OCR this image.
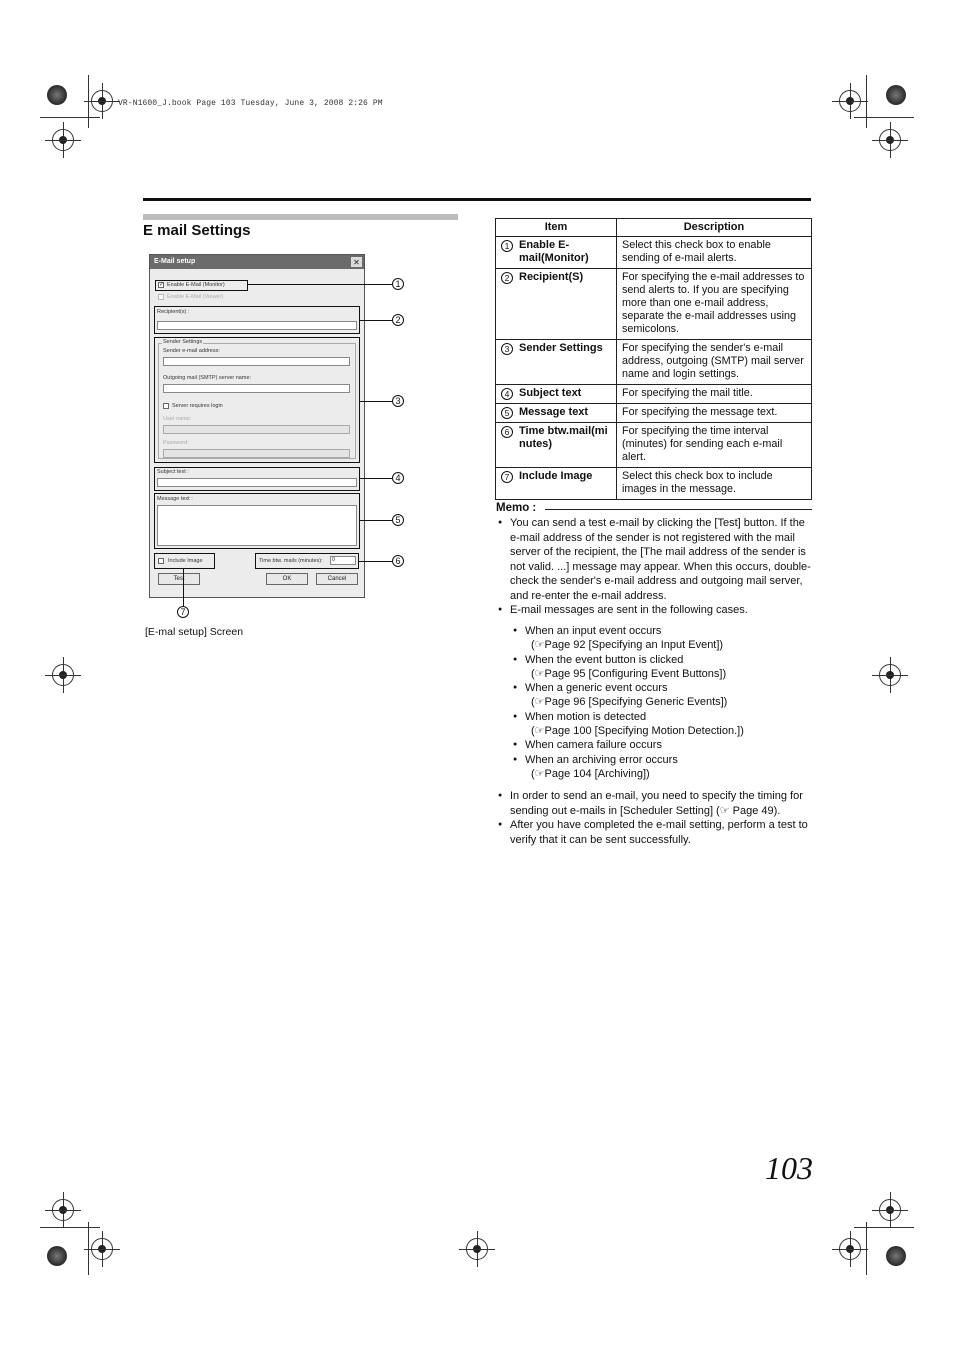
VR-N1600_J.book Page 103 Tuesday, June 3, 2008 2:26 PM
E mail Settings
E-Mail setup	✕
✓ Enable E-Mail (Monitor)
Enable E-Mail (Viewer)
Recipient(s) :
Sender Settings
Sender e-mail address:
Outgoing mail (SMTP) server name:
Server requires login
User name:
Password:
Subject text :
Message text :
Include Image	Time btw. mails (minutes):	0
Test	OK	Cancel
1
2
3
4
5
6
7
[E-mal setup] Screen
Item	Description

1 Enable E-mail(Monitor)	Select this check box to enable sending of e-mail alerts.

2 Recipient(S)	For specifying the e-mail addresses to send alerts to. If you are specifying more than one e-mail address, separate the e-mail addresses using semicolons.

3 Sender Settings	For specifying the sender's e-mail address, outgoing (SMTP) mail server name and login settings.

4 Subject text	For specifying the mail title.

5 Message text	For specifying the message text.

6 Time btw.mail(minutes)	For specifying the time interval (minutes) for sending each e-mail alert.

7 Include Image	Select this check box to include images in the message.
Memo :
● You can send a test e-mail by clicking the [Test] button. If the e-mail address of the sender is not registered with the mail server of the recipient, the [The mail address of the sender is not valid. ...] message may appear. When this occurs, double-check the sender's e-mail address and outgoing mail server, and re-enter the e-mail address.
● E-mail messages are sent in the following cases.
● When an input event occurs
(☞Page 92 [Specifying an Input Event])
● When the event button is clicked
(☞Page 95 [Configuring Event Buttons])
● When a generic event occurs
(☞Page 96 [Specifying Generic Events])
● When motion is detected
(☞Page 100 [Specifying Motion Detection.])
● When camera failure occurs
● When an archiving error occurs
(☞Page 104 [Archiving])
● In order to send an e-mail, you need to specify the timing for sending out e-mails in [Scheduler Setting] (☞ Page 49).
● After you have completed the e-mail setting, perform a test to verify that it can be sent successfully.
103
